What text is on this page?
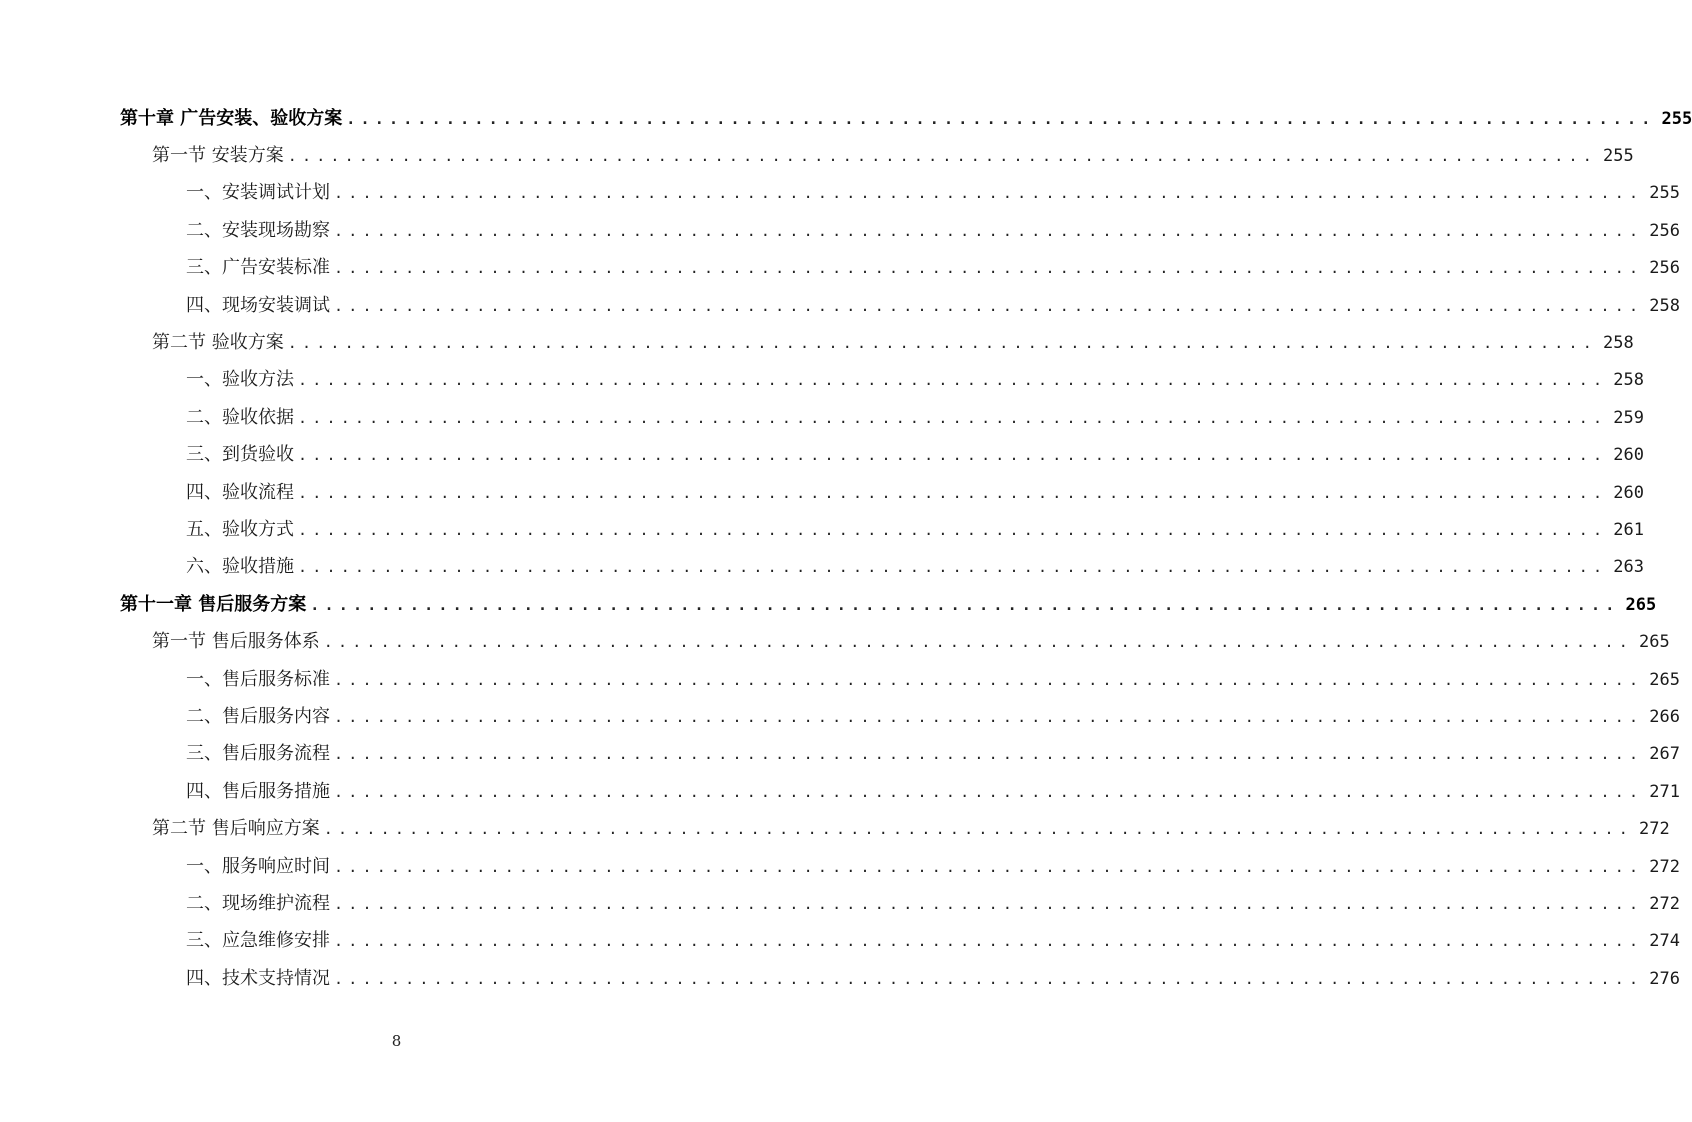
第十章 广告安装、验收方案 ............................................................................................ 255
第一节 安装方案 ............................................................................................ 255
一、安装调试计划 ............................................................................................ 255
二、安装现场勘察 ............................................................................................ 256
三、广告安装标准 ............................................................................................ 256
四、现场安装调试 ............................................................................................ 258
第二节 验收方案 ............................................................................................ 258
一、验收方法 ............................................................................................ 258
二、验收依据 ............................................................................................ 259
三、到货验收 ............................................................................................ 260
四、验收流程 ............................................................................................ 260
五、验收方式 ............................................................................................ 261
六、验收措施 ............................................................................................ 263
第十一章 售后服务方案 ............................................................................................ 265
第一节 售后服务体系 ............................................................................................ 265
一、售后服务标准 ............................................................................................ 265
二、售后服务内容 ............................................................................................ 266
三、售后服务流程 ............................................................................................ 267
四、售后服务措施 ............................................................................................ 271
第二节 售后响应方案 ............................................................................................ 272
一、服务响应时间 ............................................................................................ 272
二、现场维护流程 ............................................................................................ 272
三、应急维修安排 ............................................................................................ 274
四、技术支持情况 ............................................................................................ 276
8
